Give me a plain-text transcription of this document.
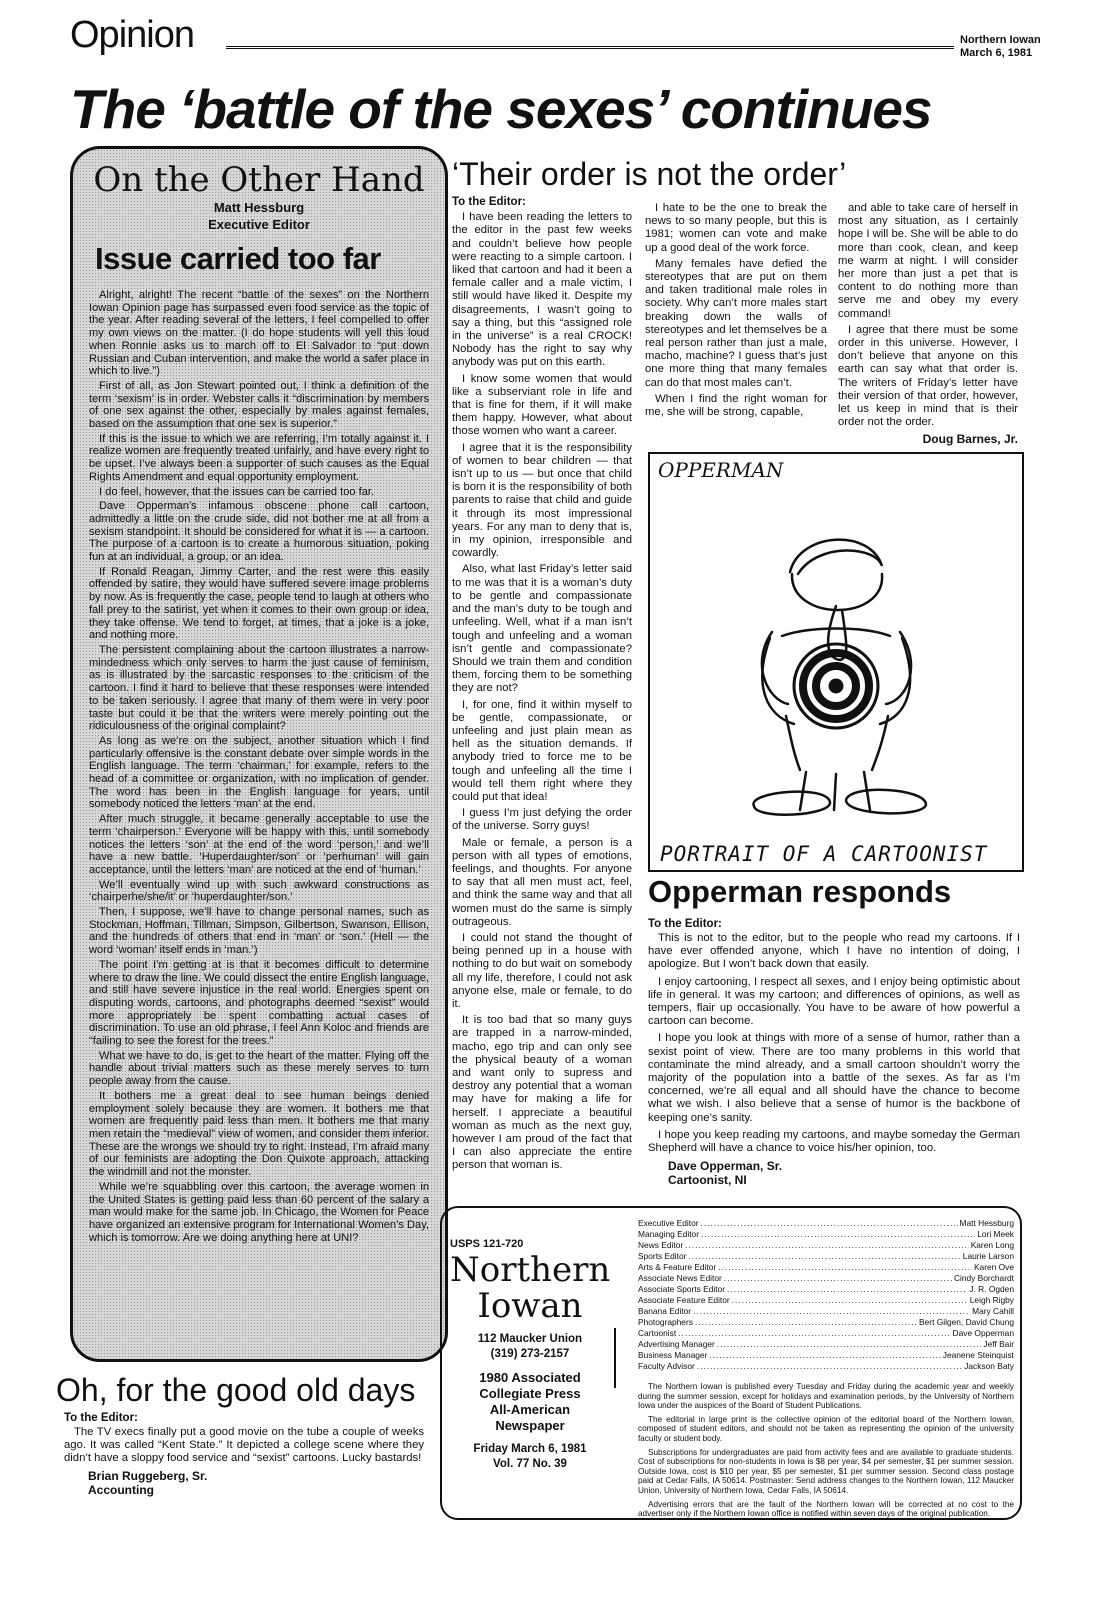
Opinion	Northern Iowan
March 6, 1981
The ‘battle of the sexes’ continues
On the Other Hand
Matt Hessburg
Executive Editor
Issue carried too far

Alright, alright! The recent “battle of the sexes” on the Northern Iowan Opinion page has surpassed even food service as the topic of the year. After reading several of the letters, I feel compelled to offer my own views on the matter. (I do hope students will yell this loud when Ronnie asks us to march off to El Salvador to “put down Russian and Cuban intervention, and make the world a safer place in which to live.”)

First of all, as Jon Stewart pointed out, I think a definition of the term ‘sexism’ is in order. Webster calls it “discrimination by members of one sex against the other, especially by males against females, based on the assumption that one sex is superior.”

If this is the issue to which we are referring, I’m totally against it. I realize women are frequently treated unfairly, and have every right to be upset. I’ve always been a supporter of such causes as the Equal Rights Amendment and equal opportunity employment.

I do feel, however, that the issues can be carried too far.

Dave Opperman’s infamous obscene phone call cartoon, admittedly a little on the crude side, did not bother me at all from a sexism standpoint. It should be considered for what it is — a cartoon. The purpose of a cartoon is to create a humorous situation, poking fun at an individual, a group, or an idea.

If Ronald Reagan, Jimmy Carter, and the rest were this easily offended by satire, they would have suffered severe image problems by now. As is frequently the case, people tend to laugh at others who fall prey to the satirist, yet when it comes to their own group or idea, they take offense. We tend to forget, at times, that a joke is a joke, and nothing more.

The persistent complaining about the cartoon illustrates a narrow-mindedness which only serves to harm the just cause of feminism, as is illustrated by the sarcastic responses to the criticism of the cartoon. I find it hard to believe that these responses were intended to be taken seriously. I agree that many of them were in very poor taste but could it be that the writers were merely pointing out the ridiculousness of the original complaint?

As long as we’re on the subject, another situation which I find particularly offensive is the constant debate over simple words in the English language. The term ‘chairman,’ for example, refers to the head of a committee or organization, with no implication of gender. The word has been in the English language for years, until somebody noticed the letters ‘man’ at the end.

After much struggle, it became generally acceptable to use the term ‘chairperson.’ Everyone will be happy with this, until somebody notices the letters ‘son’ at the end of the word ‘person,’ and we’ll have a new battle. ‘Huperdaughter/son’ or ‘perhuman’ will gain acceptance, until the letters ‘man’ are noticed at the end of ‘human.’

We’ll eventually wind up with such awkward constructions as ‘chairperhe/she/it’ or ‘huperdaughter/son.’

Then, I suppose, we’ll have to change personal names, such as Stockman, Hoffman, Tillman, Simpson, Gilbertson, Swanson, Ellison, and the hundreds of others that end in ‘man’ or ‘son.’ (Hell — the word ‘woman’ itself ends in ‘man.’)

The point I’m getting at is that it becomes difficult to determine where to draw the line. We could dissect the entire English language, and still have severe injustice in the real world. Energies spent on disputing words, cartoons, and photographs deemed “sexist” would more appropriately be spent combatting actual cases of discrimination. To use an old phrase, I feel Ann Koloc and friends are “failing to see the forest for the trees.”

What we have to do, is get to the heart of the matter. Flying off the handle about trivial matters such as these merely serves to turn people away from the cause.

It bothers me a great deal to see human beings denied employment solely because they are women. It bothers me that women are frequently paid less than men. It bothers me that many men retain the “medieval” view of women, and consider them inferior. These are the wrongs we should try to right. Instead, I’m afraid many of our feminists are adopting the Don Quixote approach, attacking the windmill and not the monster.

While we’re squabbling over this cartoon, the average women in the United States is getting paid less than 60 percent of the salary a man would make for the same job. In Chicago, the Women for Peace have organized an extensive program for International Women’s Day, which is tomorrow. Are we doing anything here at UNI?

‘Their order is not the order’
To the Editor:

I have been reading the letters to the editor in the past few weeks and couldn’t believe how people were reacting to a simple cartoon. I liked that cartoon and had it been a female caller and a male victim, I still would have liked it. Despite my disagreements, I wasn’t going to say a thing, but this “assigned role in the universe” is a real CROCK! Nobody has the right to say why anybody was put on this earth.

I know some women that would like a subserviant role in life and that is fine for them, if it will make them happy. However, what about those women who want a career.

I agree that it is the responsibility of women to bear children — that isn’t up to us — but once that child is born it is the responsibility of both parents to raise that child and guide it through its most impressional years. For any man to deny that is, in my opinion, irresponsible and cowardly.

Also, what last Friday’s letter said to me was that it is a woman’s duty to be gentle and compassionate and the man’s duty to be tough and unfeeling. Well, what if a man isn’t tough and unfeeling and a woman isn’t gentle and compassionate? Should we train them and condition them, forcing them to be something they are not?

I, for one, find it within myself to be gentle, compassionate, or unfeeling and just plain mean as hell as the situation demands. If anybody tried to force me to be tough and unfeeling all the time I would tell them right where they could put that idea!

I guess I’m just defying the order of the universe. Sorry guys!

Male or female, a person is a person with all types of emotions, feelings, and thoughts. For anyone to say that all men must act, feel, and think the same way and that all women must do the same is simply outrageous.

I could not stand the thought of being penned up in a house with nothing to do but wait on somebody all my life, therefore, I could not ask anyone else, male or female, to do it.

It is too bad that so many guys are trapped in a narrow-minded, macho, ego trip and can only see the physical beauty of a woman and want only to supress and destroy any potential that a woman may have for making a life for herself. I appreciate a beautiful woman as much as the next guy, however I am proud of the fact that I can also appreciate the entire person that woman is.

I hate to be the one to break the news to so many people, but this is 1981; women can vote and make up a good deal of the work force.

Many females have defied the stereotypes that are put on them and taken traditional male roles in society. Why can’t more males start breaking down the walls of stereotypes and let themselves be a real person rather than just a male, macho, machine? I guess that’s just one more thing that many females can do that most males can’t.

When I find the right woman for me, she will be strong, capable,

and able to take care of herself in most any situation, as I certainly hope I will be. She will be able to do more than cook, clean, and keep me warm at night. I will consider her more than just a pet that is content to do nothing more than serve me and obey my every command!

I agree that there must be some order in this universe. However, I don’t believe that anyone on this earth can say what that order is. The writers of Friday’s letter have their version of that order, however, let us keep in mind that is their order not the order.

Doug Barnes, Jr.
OPPERMAN
PORTRAIT OF A CARTOONIST
Opperman responds
To the Editor:

This is not to the editor, but to the people who read my cartoons. If I have ever offended anyone, which I have no intention of doing, I apologize. But I won’t back down that easily.

I enjoy cartooning, I respect all sexes, and I enjoy being optimistic about life in general. It was my cartoon; and differences of opinions, as well as tempers, flair up occasionally. You have to be aware of how powerful a cartoon can become.

I hope you look at things with more of a sense of humor, rather than a sexist point of view. There are too many problems in this world that contaminate the mind already, and a small cartoon shouldn’t worry the majority of the population into a battle of the sexes. As far as I’m concerned, we’re all equal and all should have the chance to become what we wish. I also believe that a sense of humor is the backbone of keeping one’s sanity.

I hope you keep reading my cartoons, and maybe someday the German Shepherd will have a chance to voice his/her opinion, too.

Dave Opperman, Sr.
Cartoonist, NI
Oh, for the good old days
To the Editor:

The TV execs finally put a good movie on the tube a couple of weeks ago. It was called “Kent State.” It depicted a college scene where they didn’t have a sloppy food service and “sexist” cartoons. Lucky bastards!

Brian Ruggeberg, Sr.
Accounting
USPS 121-720
Northern
Iowan
112 Maucker Union
(319) 273-2157
1980 Associated
Collegiate Press
All-American
Newspaper
Friday March 6, 1981
Vol. 77 No. 39
Executive Editor .....	Matt Hessburg
Managing Editor .....	Lori Meek
News Editor .....	Karen Long
Sports Editor .....	Laurie Larson
Arts & Feature Editor .....	Karen Ove
Associate News Editor .....	Cindy Borchardt
Associate Sports Editor .....	J. R. Ogden
Associate Feature Editor .....	Leigh Rigby
Banana Editor .....	Mary Cahill
Photographers .....	Bert Gilgen, David Chung
Cartoonist .....	Dave Opperman
Advertising Manager .....	Jeff Bair
Business Manager .....	Jeanene Steinquist
Faculty Advisor .....	Jackson Baty

The Northern Iowan is published every Tuesday and Friday during the academic year and weekly during the summer session, except for holidays and examination periods, by the University of Northern Iowa under the auspices of the Board of Student Publications.

The editorial in large print is the collective opinion of the editorial board of the Northern Iowan, composed of student editors, and should not be taken as representing the opinion of the university faculty or student body.

Subscriptions for undergraduates are paid from activity fees and are available to graduate students. Cost of subscriptions for non-students in Iowa is $8 per year, $4 per semester, $1 per summer session. Outside Iowa, cost is $10 per year, $5 per semester, $1 per summer session. Second class postage paid at Cedar Falls, IA 50614. Postmaster: Send address changes to the Northern Iowan, 112 Maucker Union, University of Northern Iowa, Cedar Falls, IA 50614.

Advertising errors that are the fault of the Northern Iowan will be corrected at no cost to the advertiser only if the Northern Iowan office is notified within seven days of the original publication.
